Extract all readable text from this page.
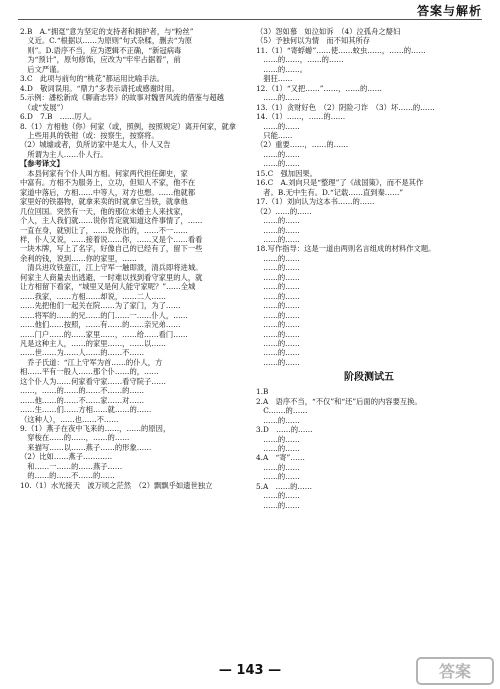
答案与解析
2.B　A.“拥趸”意为坚定的支持者和拥护者，与“粉丝”
　义近。C.“根据以……为原则”句式杂糅，删去“为原
　则”。D.语序不当，应为逻辑不正确，“新冠病毒
　为“预计”，原句修饰，应改为“牢牢占据着”，前
　后文严谨。
3.C　此项与前句的“桃花”都运用比喻手法。
4.D　敬词误用。“鼎力”多表示请托或感谢时用。
5.示例：潘松新成《聊斋志异》的故事对魏晋风流的借鉴与超越
　（或“发展”）
6.D　7.B　……厉人。
8.（1）方相他（你）何家（或，照例，按照规定）离开何家，就拿
　上些用具的铁钳（或：按察生，按察将。
（2）城墟或者，负所访家中是太人，仆人又告
　所谓为主人……仆人行。
【参考译文】
　本县何家有个仆人叫方相。何家两代担任御史，家
中富有。方相不为服务上，立功，但知人不家，他不在
家道中落后，方相……中等人，对方也想。……他就都
家里好的铁器物，就拿来卖的时就拿它当铁，就拿他
几位回国。突然有一天，他的那位未婚主人来找家，
个人，主人我们就……说你肯定就知道这件事情了，……
一直在身，就别让了，……说你出的，……不一……
样，仆人又说，……接着说……你，……又是个……看看
一块木牌，写上了名字，好像自己的已经有了，留下一些
余利的钱，说到……你的家里，……
　清兵进攻铁蛮江，江上守军一触即溃，清兵即将进城。
何家主人商量去出逃避，一时难以找到看守家里的人，就
让方相留下看家，“城里又是何人能守家呢？”……全城
……我家，……方相……却说，……二人……
……先把他们一起关在院……为了家门，为了……
……将军的……的兄……的门……一……仆人，……
……他们……按照，……有……的……亲兄弟……
……门户……的……家里……，……给……看门……
凡是这种主人，……的家里……，……以……
……世……为……人……的……不……
　乔子氏道：“江上守军为首……的仆人，方
相……平有一般人……那个仆……的，……
这个仆人为……何家看守家……看守院子……
……，……的……的……不……的……
……他……的……不……家……对……
……生……们……方相……就……的……
（这种人），……也……不……
9.（1）燕子在夜中飞来的……，……的原因，
　穿梭在……的……，……的……
　来描写……以……燕子……的形象……
（2）比如……燕子…………
　和……一……的……燕子……
　的……的……不……的……
10.（1）水光接天　波万顷之茫然　（2）飘飘乎如遗世独立
（3）怨如慕　如泣如诉　（4）泣孤舟之嫠妇
（5）予独何以为情　而不知其所存
11.（1）“寄蜉蝣”……使……蚊虫……，……的……
　……的……，……的……
　……的……。
　猖狂……
12.（1）“又把……”……，……的……
　……的……
13.（1）贪财好色　（2）阴险刁诈　（3）坏……的……
14.（1）……，……的……
　……的……
　只能……
（2）重要……，……的……
　……的……
　……的……
15.C　强加因果。
16.C　A.刘向只是“整理”了《战国策》，而不是其作
　者。B.无中生有。D.“记载……直到秦……”
17.（1）刘向认为这本书……的……
（2）……的……
　……的……
　……的……
　……的……
18.写作指导：这是一道由两则名言组成的材料作文题。
　……的……
　……的……
　……的……
　……的……
　……的……
　……的……
　……的……
　……的……
　……的……
　……的……
　……的……
　……的……
阶段测试五
1.B
2.A　语序不当，“不仅”和“还”后面的内容要互换。
　C.……的……
　……的……
3.D　……的……
　……的……
　……的……
4.A　“寄”……
　……的……
　……的……
5.A　……的……
　……的……
　……的……
— 143 —	答案
